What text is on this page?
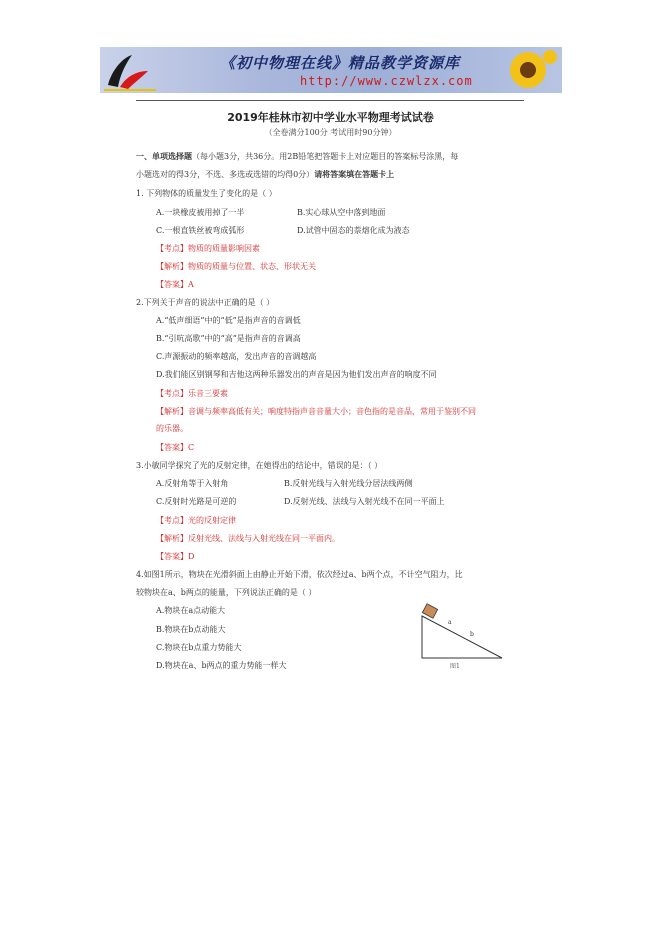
《初中物理在线》精品教学资源库
http://www.czwlzx.com
2019年桂林市初中学业水平物理考试试卷
（全卷满分100分 考试用时90分钟）
一、单项选择题（每小题3分，共36分。用2B铅笔把答题卡上对应题目的答案标号涂黑，每
小题选对的得3分，不选、多选或选错的均得0分）请将答案填在答题卡上
1. 下列物体的质量发生了变化的是（ ）
A.一块橡皮被用掉了一半	B.实心球从空中落到地面
C.一根直铁丝被弯成弧形	D.试管中固态的萘熔化成为液态
【考点】物质的质量影响因素
【解析】物质的质量与位置、状态、形状无关
【答案】A
2.下列关于声音的说法中正确的是（ ）
A.“低声细语”中的“低”是指声音的音调低
B.“引吭高歌”中的“高”是指声音的音调高
C.声源振动的频率越高，发出声音的音调越高
D.我们能区别钢琴和吉他这两种乐器发出的声音是因为他们发出声音的响度不同
【考点】乐音三要素
【解析】音调与频率高低有关；响度特指声音音量大小；音色指的是音品，常用于鉴别不同
的乐器。
【答案】C
3.小敏同学探究了光的反射定律，在她得出的结论中，错误的是：（ ）
A.反射角等于入射角	B.反射光线与入射光线分居法线两侧
C.反射时光路是可逆的	D.反射光线、法线与入射光线不在同一平面上
【考点】光的反射定律
【解析】反射光线、法线与入射光线在同一平面内。
【答案】D
4.如图1所示，物块在光滑斜面上由静止开始下滑，依次经过a、b两个点，不计空气阻力，比
较物块在a、b两点的能量，下列说法正确的是（ ）
A.物块在a点动能大
B.物块在b点动能大
C.物块在b点重力势能大
D.物块在a、b两点的重力势能一样大
a
b
图1
